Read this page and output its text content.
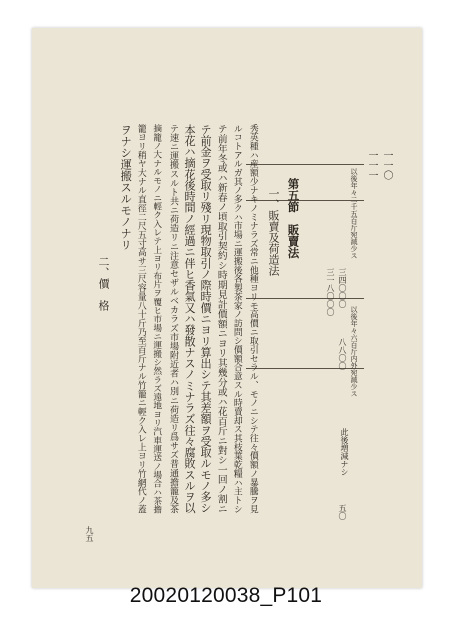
一一〇
一一一
以後年々二千五百斤宛減少ス
三四〇〇〇
三一八〇〇〇
以後年々六百斤内外宛減少ス
八八〇〇
此後増減ナシ
五〇
第五節　販賣法
一、販賣及荷造法
秀英種ハ産額少ナキノミナラズ常ニ他種ヨリモ高價ニ取引セラル、モノニシテ往々價額ノ暴騰ヲ見
ルコトアルガ其ノ多クハ市場ニ運搬後各製茶家ノ訪問シ價額合意スル時賣却ス其枝葉乾糧ハ主トシ
テ前年冬或ハ新春ノ頃取引契約シ時期見計價額ニヨリ其幾分或ハ花百斤ニ對シ一回ノ割ニ
テ前金ヲ受取リ殘リ現物取引ノ際時價ニヨリ算出シテ其差額ヲ受取ルモノ多シ
本花ハ摘花後時間ノ經過ニ伴ヒ香氣又ハ發散ナスノミナラズ往々腐敗スルヲ以
テ速ニ運搬スルト共ニ荷造リニ注意セザルベカラズ市場附近者ハ別ニ荷造リ爲サズ普通擔籠及茶
摘籠ノ大ナルモノニ輕ク入レテ上ヨリ布片ヲ覆ヒ市場ニ運搬シ然ラズ遠地ヨリ汽車運送ノ場合ハ茶擔
籠ヨリ稍ヤ大ナル直徑二尺五寸高サ三尺容量八十斤乃至百斤ナル竹籠ニ輕ク入レ上ヨリ竹網代ノ蓋
ヲナシ運搬スルモノナリ
二、價　格
九五
20020120038_P101
